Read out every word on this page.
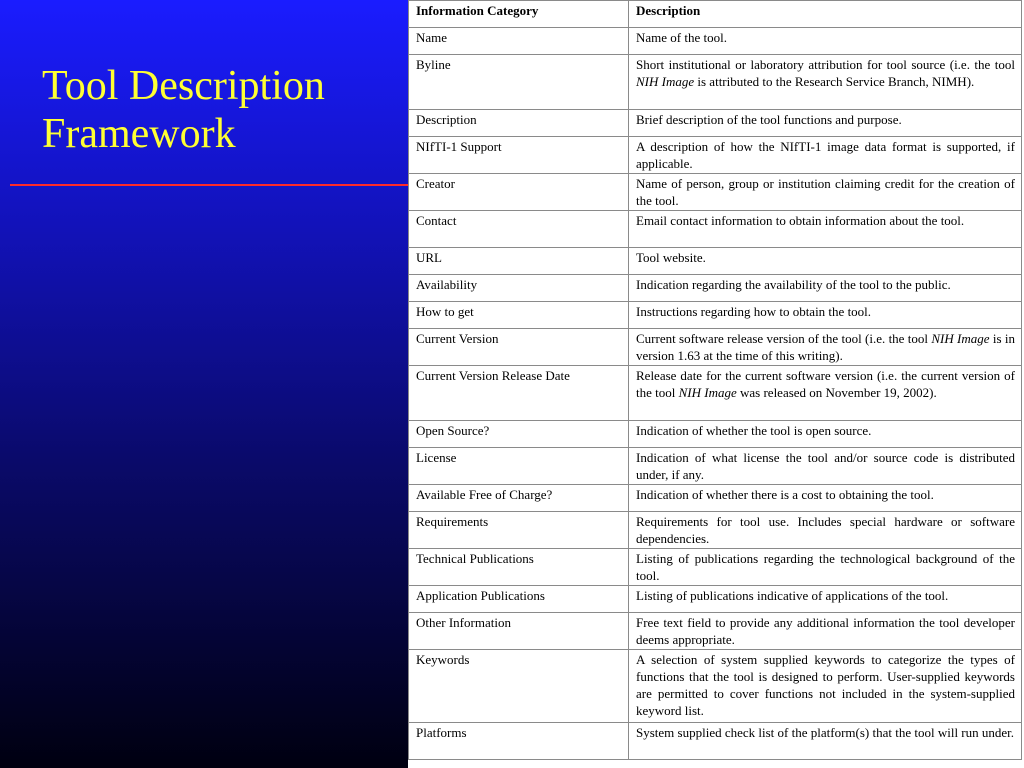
Tool Description
Framework
Information Category	Description
Name	Name of the tool.
Byline	Short institutional or laboratory attribution for tool source (i.e. the tool NIH Image is attributed to the Research Service Branch, NIMH).
Description	Brief description of the tool functions and purpose.
NIfTI-1 Support	A description of how the NIfTI-1 image data format is supported, if applicable.
Creator	Name of person, group or institution claiming credit for the creation of the tool.
Contact	Email contact information to obtain information about the tool.
URL	Tool website.
Availability	Indication regarding the availability of the tool to the public.
How to get	Instructions regarding how to obtain the tool.
Current Version	Current software release version of the tool (i.e. the tool NIH Image is in version 1.63 at the time of this writing).
Current Version Release Date	Release date for the current software version (i.e. the current version of the tool NIH Image was released on November 19, 2002).
Open Source?	Indication of whether the tool is open source.
License	Indication of what license the tool and/or source code is distributed under, if any.
Available Free of Charge?	Indication of whether there is a cost to obtaining the tool.
Requirements	Requirements for tool use. Includes special hardware or software dependencies.
Technical Publications	Listing of publications regarding the technological background of the tool.
Application Publications	Listing of publications indicative of applications of the tool.
Other Information	Free text field to provide any additional information the tool developer deems appropriate.
Keywords	A selection of system supplied keywords to categorize the types of functions that the tool is designed to perform. User-supplied keywords are permitted to cover functions not included in the system-supplied keyword list.
Platforms	System supplied check list of the platform(s) that the tool will run under.
